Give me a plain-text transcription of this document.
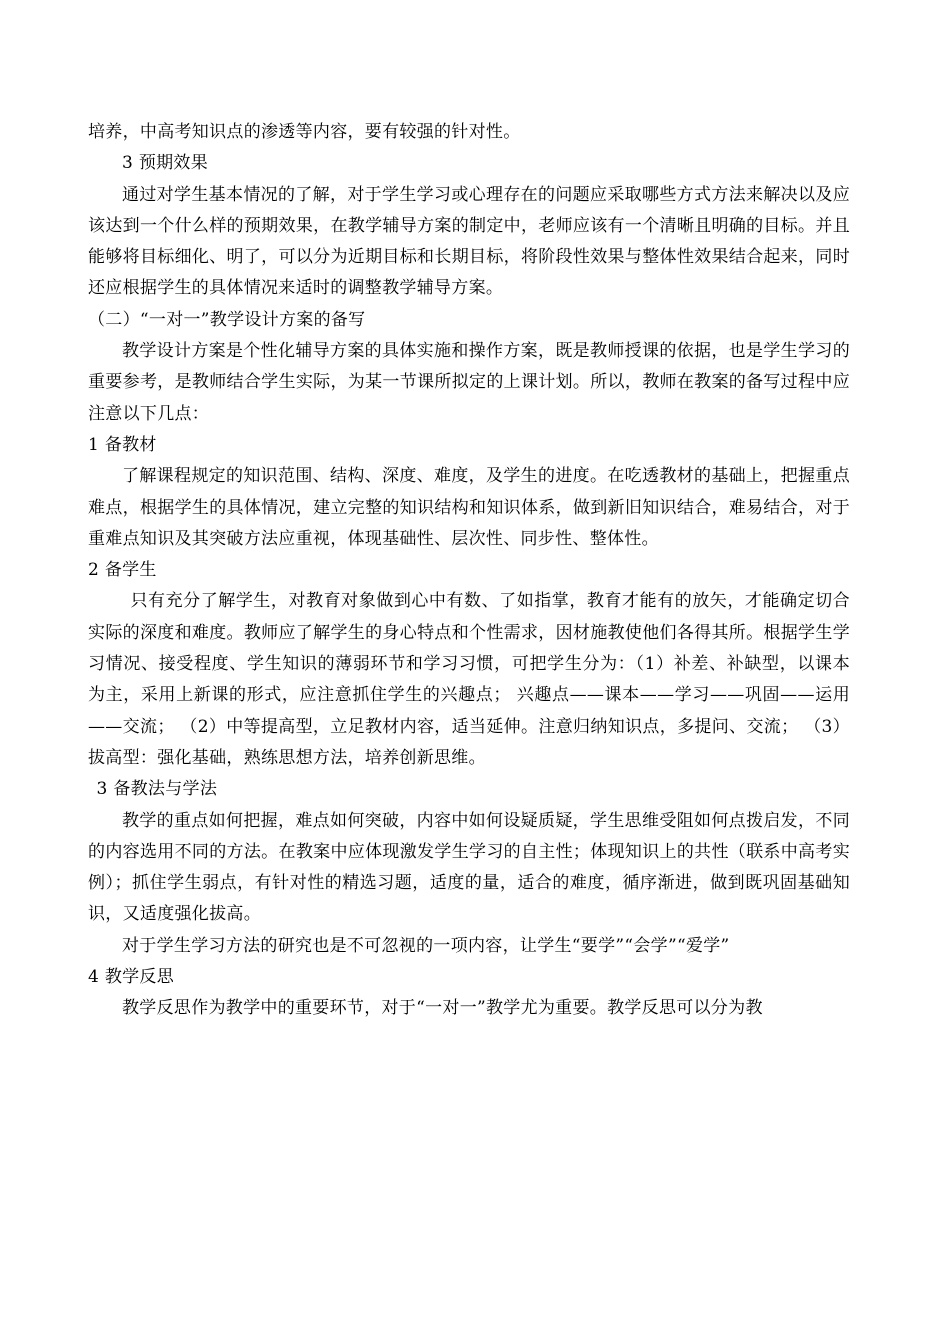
培养，中高考知识点的渗透等内容，要有较强的针对性。

3 预期效果

通过对学生基本情况的了解，对于学生学习或心理存在的问题应采取哪些方式方法来解决以及应该达到一个什么样的预期效果，在教学辅导方案的制定中，老师应该有一个清晰且明确的目标。并且能够将目标细化、明了，可以分为近期目标和长期目标，将阶段性效果与整体性效果结合起来，同时还应根据学生的具体情况来适时的调整教学辅导方案。

（二）“一对一”教学设计方案的备写

教学设计方案是个性化辅导方案的具体实施和操作方案，既是教师授课的依据，也是学生学习的重要参考，是教师结合学生实际，为某一节课所拟定的上课计划。所以，教师在教案的备写过程中应注意以下几点：

1 备教材

了解课程规定的知识范围、结构、深度、难度，及学生的进度。在吃透教材的基础上，把握重点难点，根据学生的具体情况，建立完整的知识结构和知识体系，做到新旧知识结合，难易结合，对于重难点知识及其突破方法应重视，体现基础性、层次性、同步性、整体性。

2 备学生

只有充分了解学生，对教育对象做到心中有数、了如指掌，教育才能有的放矢，才能确定切合实际的深度和难度。教师应了解学生的身心特点和个性需求，因材施教使他们各得其所。根据学生学习情况、接受程度、学生知识的薄弱环节和学习习惯，可把学生分为：（1）补差、补缺型，以课本为主，采用上新课的形式，应注意抓住学生的兴趣点； 兴趣点——课本——学习——巩固——运用——交流； （2）中等提高型，立足教材内容，适当延伸。注意归纳知识点，多提问、交流； （3）拔高型：强化基础，熟练思想方法，培养创新思维。

3 备教法与学法

教学的重点如何把握，难点如何突破，内容中如何设疑质疑，学生思维受阻如何点拨启发，不同的内容选用不同的方法。在教案中应体现激发学生学习的自主性；体现知识上的共性（联系中高考实例）；抓住学生弱点，有针对性的精选习题，适度的量，适合的难度，循序渐进，做到既巩固基础知识，又适度强化拔高。

对于学生学习方法的研究也是不可忽视的一项内容，让学生“要学”“会学”“爱学”

4 教学反思

教学反思作为教学中的重要环节，对于“一对一”教学尤为重要。教学反思可以分为教
